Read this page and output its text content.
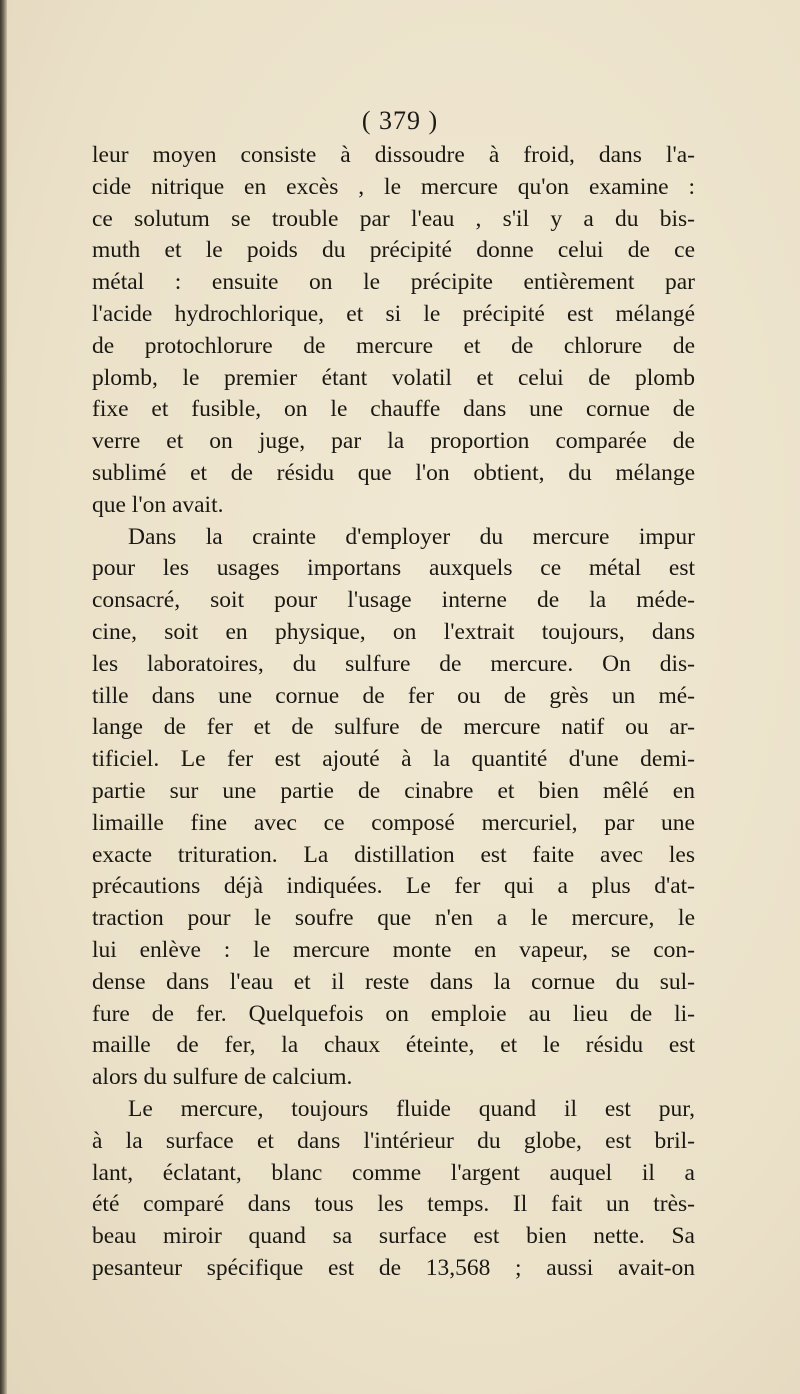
( 379 )
leur moyen consiste à dissoudre à froid, dans l'a-
cide nitrique en excès , le mercure qu'on examine :
ce solutum se trouble par l'eau , s'il y a du bis-
muth et le poids du précipité donne celui de ce
métal : ensuite on le précipite entièrement par
l'acide hydrochlorique, et si le précipité est mélangé
de protochlorure de mercure et de chlorure de
plomb, le premier étant volatil et celui de plomb
fixe et fusible, on le chauffe dans une cornue de
verre et on juge, par la proportion comparée de
sublimé et de résidu que l'on obtient, du mélange
que l'on avait.
Dans la crainte d'employer du mercure impur
pour les usages importans auxquels ce métal est
consacré, soit pour l'usage interne de la méde-
cine, soit en physique, on l'extrait toujours, dans
les laboratoires, du sulfure de mercure. On dis-
tille dans une cornue de fer ou de grès un mé-
lange de fer et de sulfure de mercure natif ou ar-
tificiel. Le fer est ajouté à la quantité d'une demi-
partie sur une partie de cinabre et bien mêlé en
limaille fine avec ce composé mercuriel, par une
exacte trituration. La distillation est faite avec les
précautions déjà indiquées. Le fer qui a plus d'at-
traction pour le soufre que n'en a le mercure, le
lui enlève : le mercure monte en vapeur, se con-
dense dans l'eau et il reste dans la cornue du sul-
fure de fer. Quelquefois on emploie au lieu de li-
maille de fer, la chaux éteinte, et le résidu est
alors du sulfure de calcium.
Le mercure, toujours fluide quand il est pur,
à la surface et dans l'intérieur du globe, est bril-
lant, éclatant, blanc comme l'argent auquel il a
été comparé dans tous les temps. Il fait un très-
beau miroir quand sa surface est bien nette. Sa
pesanteur spécifique est de 13,568 ; aussi avait-on
